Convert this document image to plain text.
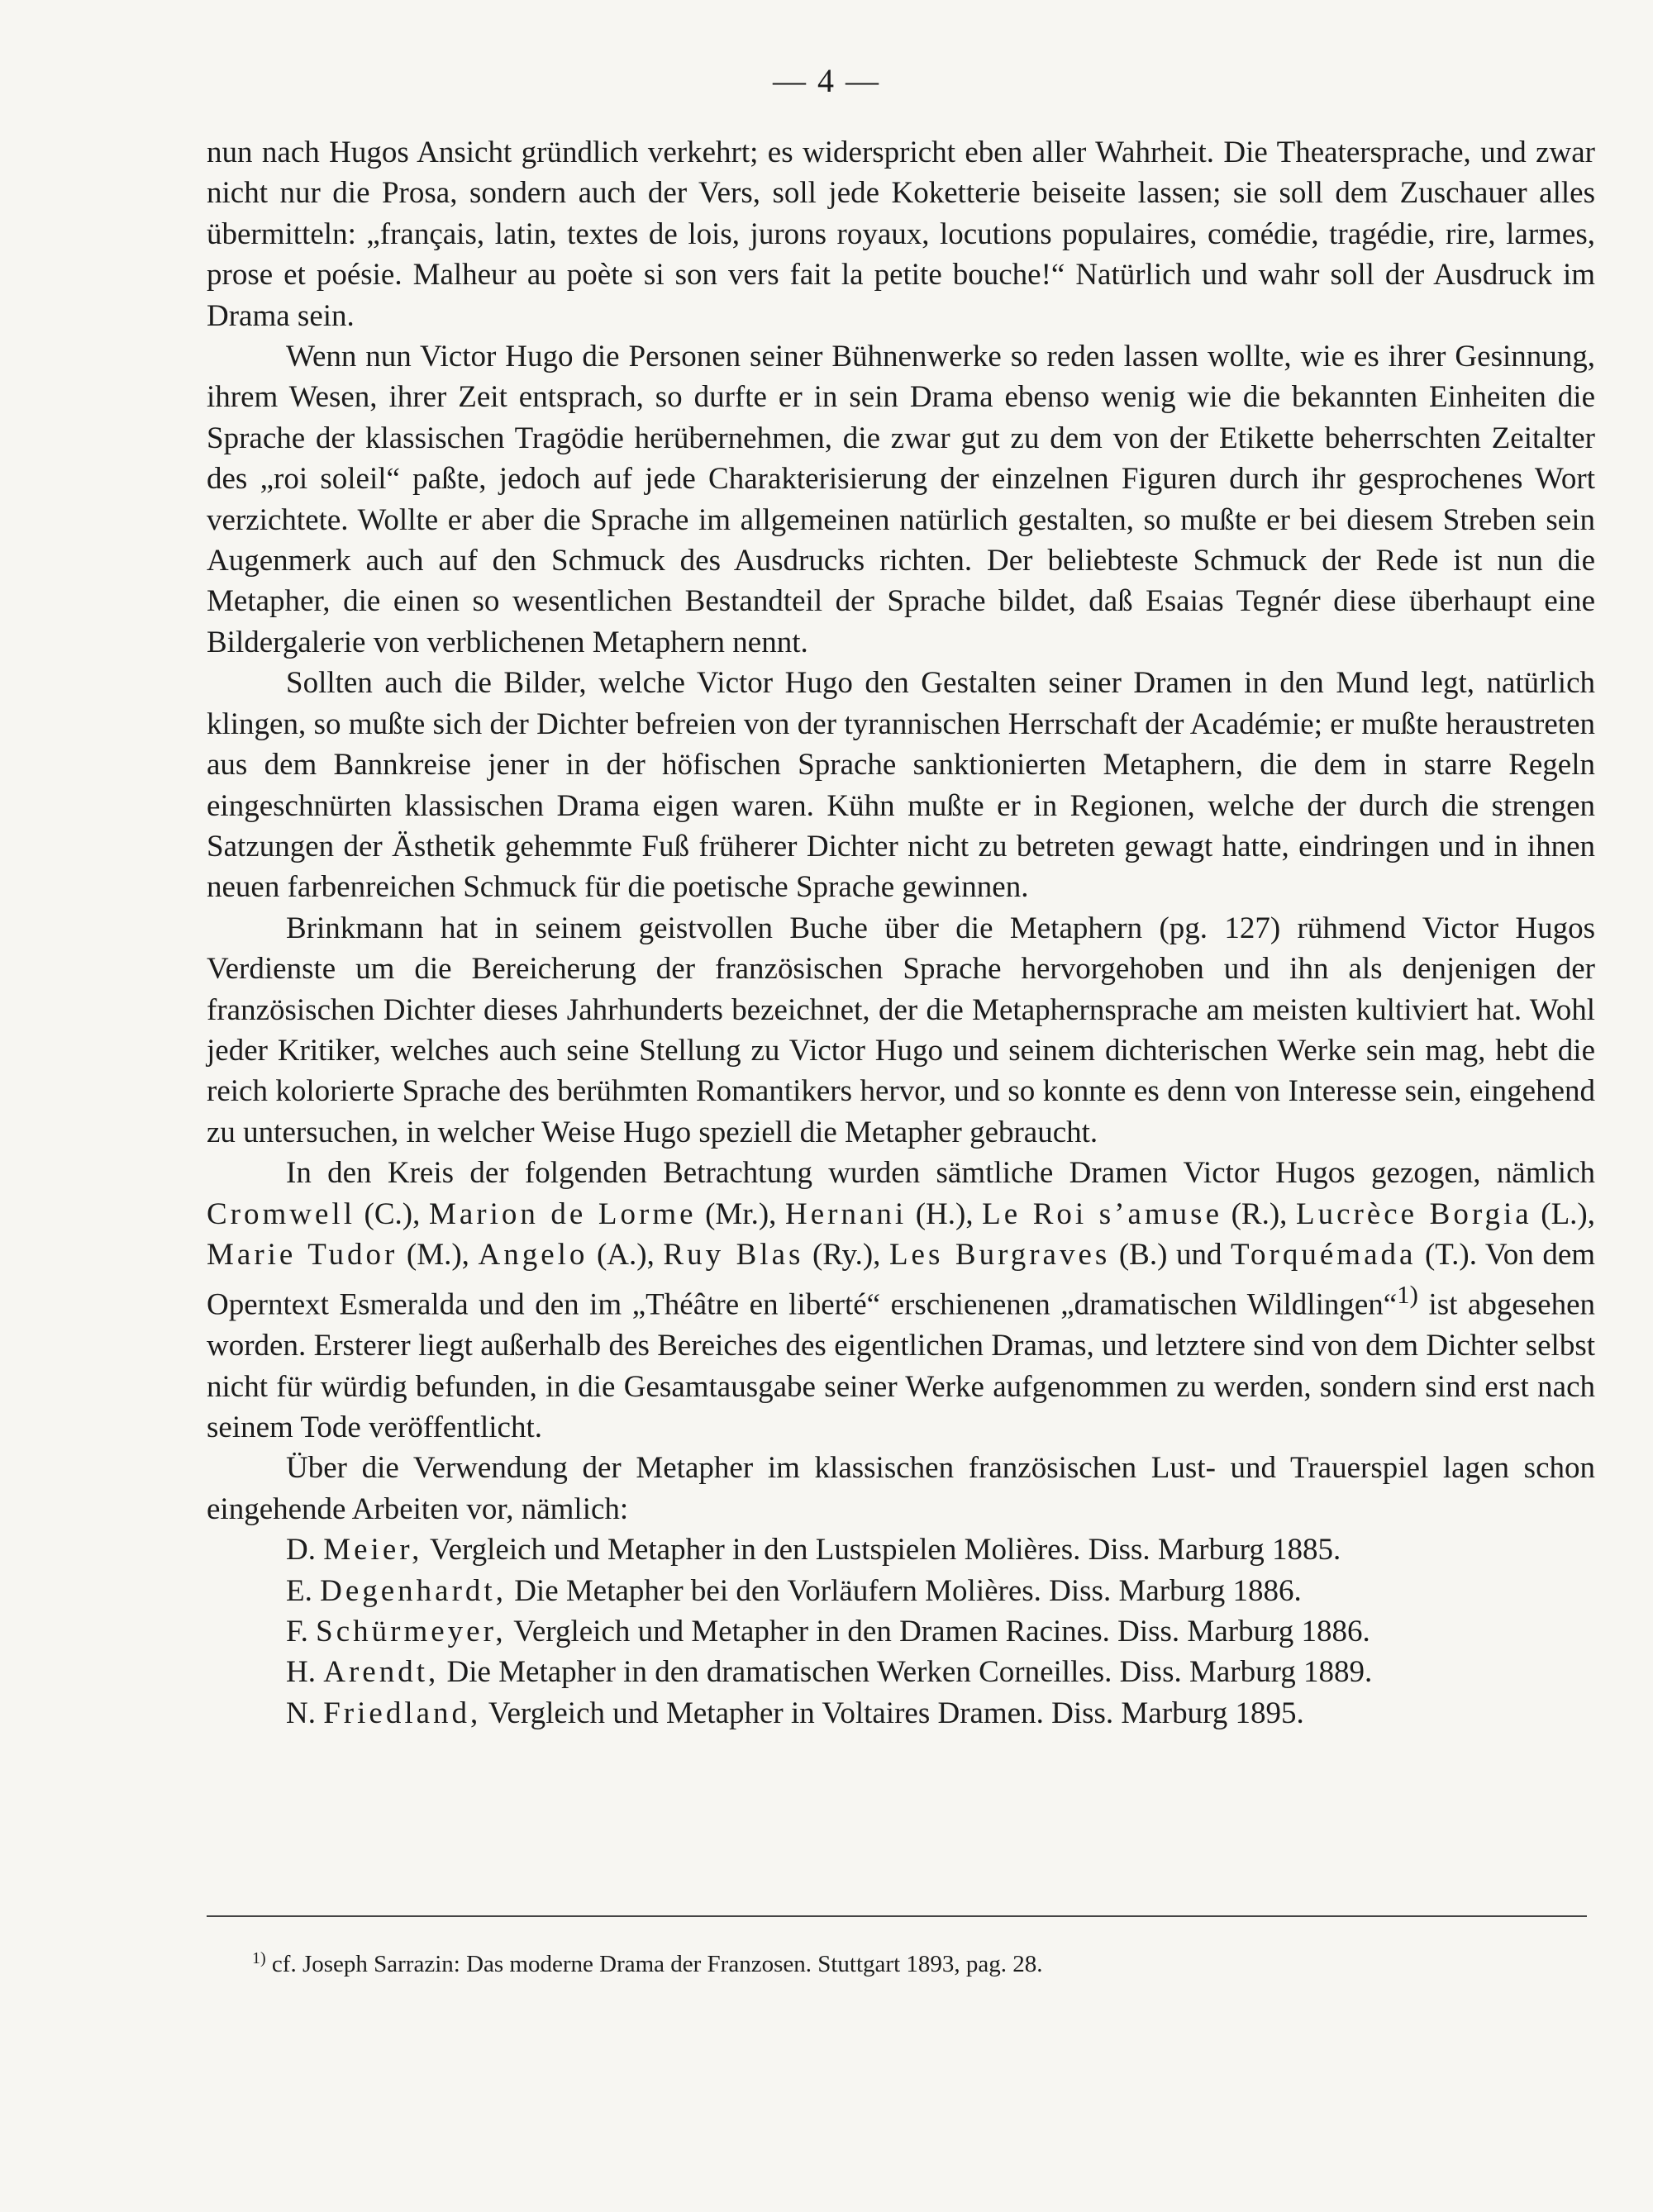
— 4 —

nun nach Hugos Ansicht gründlich verkehrt; es widerspricht eben aller Wahrheit. Die Theatersprache, und zwar nicht nur die Prosa, sondern auch der Vers, soll jede Koketterie beiseite lassen; sie soll dem Zuschauer alles übermitteln: „français, latin, textes de lois, jurons royaux, locutions populaires, comédie, tragédie, rire, larmes, prose et poésie. Malheur au poète si son vers fait la petite bouche!“ Natürlich und wahr soll der Ausdruck im Drama sein.

Wenn nun Victor Hugo die Personen seiner Bühnenwerke so reden lassen wollte, wie es ihrer Gesinnung, ihrem Wesen, ihrer Zeit entsprach, so durfte er in sein Drama ebenso wenig wie die bekannten Einheiten die Sprache der klassischen Tragödie herübernehmen, die zwar gut zu dem von der Etikette beherrschten Zeitalter des „roi soleil“ paßte, jedoch auf jede Charakterisierung der einzelnen Figuren durch ihr gesprochenes Wort verzichtete. Wollte er aber die Sprache im allgemeinen natürlich gestalten, so mußte er bei diesem Streben sein Augenmerk auch auf den Schmuck des Ausdrucks richten. Der beliebteste Schmuck der Rede ist nun die Metapher, die einen so wesentlichen Bestandteil der Sprache bildet, daß Esaias Tegnér diese überhaupt eine Bildergalerie von verblichenen Metaphern nennt.

Sollten auch die Bilder, welche Victor Hugo den Gestalten seiner Dramen in den Mund legt, natürlich klingen, so mußte sich der Dichter befreien von der tyrannischen Herrschaft der Académie; er mußte heraustreten aus dem Bannkreise jener in der höfischen Sprache sanktionierten Metaphern, die dem in starre Regeln eingeschnürten klassischen Drama eigen waren. Kühn mußte er in Regionen, welche der durch die strengen Satzungen der Ästhetik gehemmte Fuß früherer Dichter nicht zu betreten gewagt hatte, eindringen und in ihnen neuen farbenreichen Schmuck für die poetische Sprache gewinnen.

Brinkmann hat in seinem geistvollen Buche über die Metaphern (pg. 127) rühmend Victor Hugos Verdienste um die Bereicherung der französischen Sprache hervorgehoben und ihn als denjenigen der französischen Dichter dieses Jahrhunderts bezeichnet, der die Metaphernsprache am meisten kultiviert hat. Wohl jeder Kritiker, welches auch seine Stellung zu Victor Hugo und seinem dichterischen Werke sein mag, hebt die reich kolorierte Sprache des berühmten Romantikers hervor, und so konnte es denn von Interesse sein, eingehend zu untersuchen, in welcher Weise Hugo speziell die Metapher gebraucht.

In den Kreis der folgenden Betrachtung wurden sämtliche Dramen Victor Hugos gezogen, nämlich Cromwell (C.), Marion de Lorme (Mr.), Hernani (H.), Le Roi s’amuse (R.), Lucrèce Borgia (L.), Marie Tudor (M.), Angelo (A.), Ruy Blas (Ry.), Les Burgraves (B.) und Torquémada (T.). Von dem Operntext Esmeralda und den im „Théâtre en liberté“ erschienenen „dramatischen Wildlingen“$^{1)}$ ist abgesehen worden. Ersterer liegt außerhalb des Bereiches des eigentlichen Dramas, und letztere sind von dem Dichter selbst nicht für würdig befunden, in die Gesamtausgabe seiner Werke aufgenommen zu werden, sondern sind erst nach seinem Tode veröffentlicht.

Über die Verwendung der Metapher im klassischen französischen Lust- und Trauerspiel lagen schon eingehende Arbeiten vor, nämlich:

D. Meier, Vergleich und Metapher in den Lustspielen Molières. Diss. Marburg 1885.
E. Degenhardt, Die Metapher bei den Vorläufern Molières. Diss. Marburg 1886.
F. Schürmeyer, Vergleich und Metapher in den Dramen Racines. Diss. Marburg 1886.
H. Arendt, Die Metapher in den dramatischen Werken Corneilles. Diss. Marburg 1889.
N. Friedland, Vergleich und Metapher in Voltaires Dramen. Diss. Marburg 1895.
$^{1)}$ cf. Joseph Sarrazin: Das moderne Drama der Franzosen. Stuttgart 1893, pag. 28.
